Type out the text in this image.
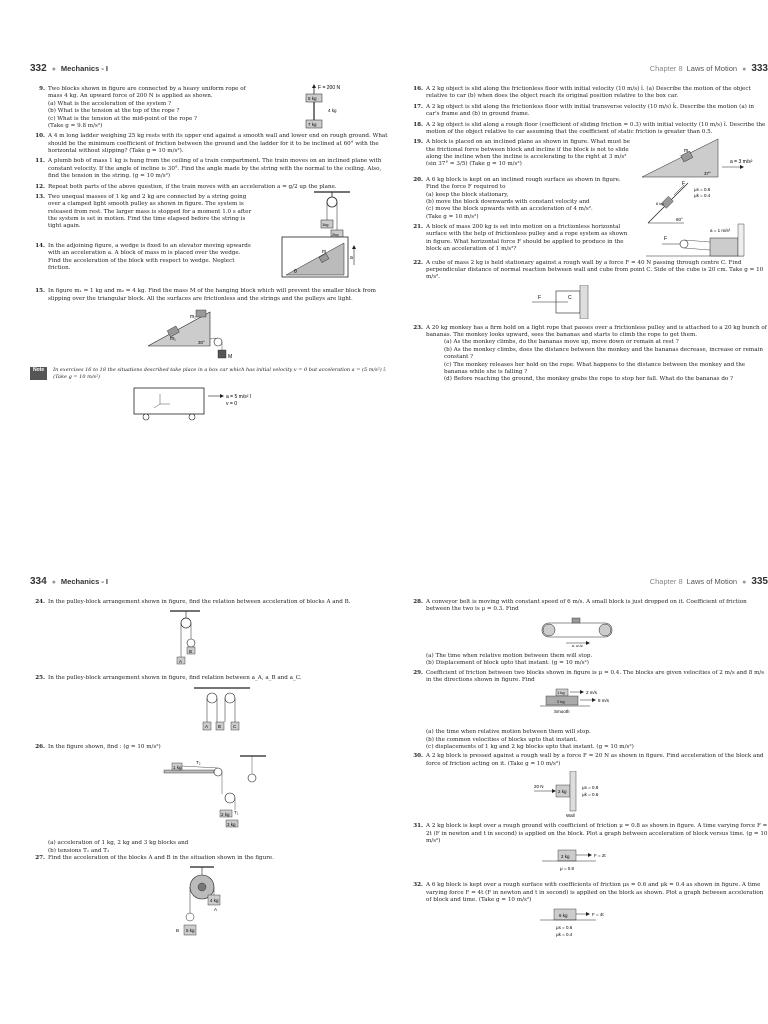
332 ● Mechanics - I
9. Two blocks shown in figure are connected by a heavy uniform rope of mass 4 kg. An upward force of 200 N is applied as shown.
(a) What is the acceleration of the system ?
(b) What is the tension at the top of the rope ?
(c) What is the tension at the mid-point of the rope ?
(Take g = 9.8 m/s²)
F = 200 N
5 kg
4 kg
7 kg
10. A 4 m long ladder weighing 25 kg rests with its upper end against a smooth wall and lower end on rough ground. What should be the minimum coefficient of friction between the ground and the ladder for it to be inclined at 60° with the horizontal without slipping? (Take g = 10 m/s²).
11. A plumb bob of mass 1 kg is hung from the ceiling of a train compartment. The train moves on an inclined plane with constant velocity. If the angle of incline is 30°. Find the angle made by the string with the normal to the ceiling. Also, find the tension in the string. (g = 10 m/s²)
12. Repeat both parts of the above question, if the train moves with an acceleration a = g/2 up the plane.
13. Two unequal masses of 1 kg and 2 kg are connected by a string going over a clamped light smooth pulley as shown in figure. The system is released from rest. The larger mass is stopped for a moment 1.0 s after the system is set in motion. Find the time elapsed before the string is tight again.	1kg
2kg
14. In the adjoining figure, a wedge is fixed to an elevator moving upwards with an acceleration a. A block of mass m is placed over the wedge. Find the acceleration of the block with respect to wedge. Neglect friction.
a
m
θ
15. In figure m₁ = 1 kg and m₂ = 4 kg. Find the mass M of the hanging block which will prevent the smaller block from slipping over the triangular block. All the surfaces are frictionless and the strings and the pulleys are light.
m₁
m₂
30°
M
Note	In exercises 16 to 18 the situations described take place in a box car which has initial velocity v = 0 but acceleration a = (5 m/s²) î. (Take g = 10 m/s²)
a = 5 m/s² î
v = 0
Chapter 8 Laws of Motion ● 333
16. A 2 kg object is slid along the frictionless floor with initial velocity (10 m/s) î. (a) Describe the motion of the object relative to car (b) when does the object reach its original position relative to the box car.
17. A 2 kg object is slid along the frictionless floor with initial transverse velocity (10 m/s) k̂. Describe the motion (a) in car's frame and (b) in ground frame.
18. A 2 kg object is slid along a rough floor (coefficient of sliding friction = 0.3) with initial velocity (10 m/s) î. Describe the motion of the object relative to car assuming that the coefficient of static friction is greater than 0.5.
19. A block is placed on an inclined plane as shown in figure. What must be the frictional force between block and incline if the block is not to slide along the incline when the incline is accelerating to the right at 3 m/s²
(sin 37° = 3/5) (Take g = 10 m/s²)	a = 3 m/s²
37°
m
20. A 6 kg block is kept on an inclined rough surface as shown in figure. Find the force F required to
(a) keep the block stationary,
(b) move the block downwards with constant velocity and
(c) move the block upwards with an acceleration of 4 m/s².
(Take g = 10 m/s²)
F
μs = 0.6
μk = 0.4
6 kg
60°
21. A block of mass 200 kg is set into motion on a frictionless horizontal surface with the help of frictionless pulley and a rope system as shown in figure. What horizontal force F should be applied to produce in the block an acceleration of 1 m/s²?
F
a = 1 m/s²
22. A cube of mass 2 kg is held stationary against a rough wall by a force F = 40 N passing through centre C. Find perpendicular distance of normal reaction between wall and cube from point C. Side of the cube is 20 cm. Take g = 10 m/s².
F	C
23. A 20 kg monkey has a firm hold on a light rope that passes over a frictionless pulley and is attached to a 20 kg bunch of bananas. The monkey looks upward, sees the bananas and starts to climb the rope to get them.
(a) As the monkey climbs, do the bananas move up, move down or remain at rest ?
(b) As the monkey climbs, does the distance between the monkey and the bananas decrease, increase or remain constant ?
(c) The monkey releases her hold on the rope. What happens to the distance between the monkey and the bananas while she is falling ?
(d) Before reaching the ground, the monkey grabs the rope to stop her fall. What do the bananas do ?
334 ● Mechanics - I
24. In the pulley-block arrangement shown in figure, find the relation between acceleration of blocks A and B.
A
B
25. In the pulley-block arrangement shown in figure, find relation between a_A, a_B and a_C.
A B	C
26. In the figure shown, find : (g = 10 m/s²)
1 kg
2 kg
3 kg
T₁
T₂
(a) acceleration of 1 kg, 2 kg and 3 kg blocks and
(b) tensions T₁ and T₂
27. Find the acceleration of the blocks A and B in the situation shown in the figure.
4 kg
5 kg
A
B
Chapter 8 Laws of Motion ● 335
28. A conveyor belt is moving with constant speed of 6 m/s. A small block is just dropped on it. Coefficient of friction between the two is μ = 0.3. Find
6 m/s
(a) The time when relative motion between them will stop.
(b) Displacement of block upto that instant. (g = 10 m/s²)
29. Coefficient of friction between two blocks shown in figure is μ = 0.4. The blocks are given velocities of 2 m/s and 8 m/s in the directions shown in figure. Find
1 kg
2 kg
2 m/s
8 m/s
Smooth
(a) the time when relative motion between them will stop.
(b) the common velocities of blocks upto that instant.
(c) displacements of 1 kg and 2 kg blocks upto that instant. (g = 10 m/s²)
30. A 2 kg block is pressed against a rough wall by a force F = 20 N as shown in figure. Find acceleration of the block and force of friction acting on it. (Take g = 10 m/s²)
20 N
2 kg
μs = 0.8
μk = 0.6
Wall
31. A 2 kg block is kept over a rough ground with coefficient of friction μ = 0.8 as shown in figure. A time varying force F = 2t (F in newton and t in second) is applied on the block. Plot a graph between acceleration of block versus time. (g = 10 m/s²)
2 kg	F = 2t
μ = 0.8
32. A 6 kg block is kept over a rough surface with coefficients of friction μs = 0.6 and μk = 0.4 as shown in figure. A time varying force F = 4t (F in newton and t in second) is applied on the block as shown. Plot a graph between acceleration of block and time. (Take g = 10 m/s²)
6 kg	F = 4t
μs = 0.6
μk = 0.4
